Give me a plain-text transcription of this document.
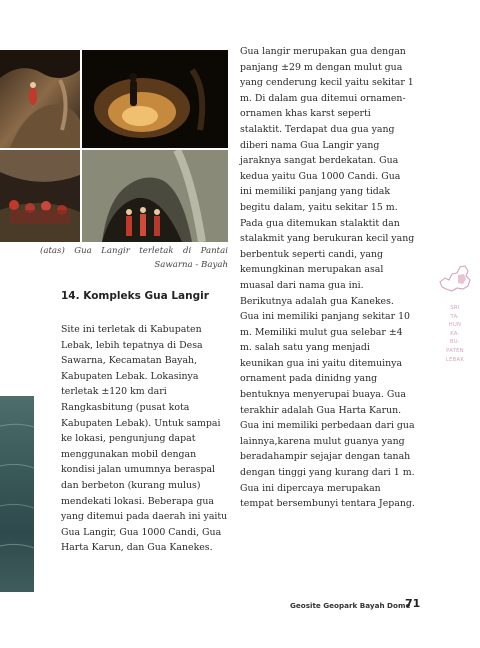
(atas) Gua Langir terletak di Pantai Sawarna - Bayah
14. Kompleks Gua Langir
Site ini terletak di Kabupaten Lebak, lebih tepatnya di Desa Sawarna, Kecamatan Bayah, Kabupaten Lebak. Lokasinya terletak ±120 km dari Rangkasbitung (pusat kota Kabupaten Lebak). Untuk sampai ke lokasi, pengunjung dapat menggunakan mobil dengan kondisi jalan umumnya beraspal dan berbeton (kurang mulus) mendekati lokasi. Beberapa gua yang ditemui pada daerah ini yaitu Gua Langir, Gua 1000 Candi, Gua Harta Karun, dan Gua Kanekes.
Gua langir merupakan gua dengan panjang ±29 m dengan mulut gua yang cenderung kecil yaitu sekitar 1 m. Di dalam gua ditemui ornamen-ornamen khas karst seperti stalaktit. Terdapat dua gua yang diberi nama Gua Langir yang jaraknya sangat berdekatan. Gua kedua yaitu Gua 1000 Candi. Gua ini memiliki panjang yang tidak begitu dalam, yaitu sekitar 15 m. Pada gua ditemukan stalaktit dan stalakmit yang berukuran kecil yang berbentuk seperti candi, yang kemungkinan merupakan asal muasal dari nama gua ini. Berikutnya adalah gua Kanekes. Gua ini memiliki panjang sekitar 10 m. Memiliki mulut gua selebar ±4 m. salah satu yang menjadi keunikan gua ini yaitu ditemuinya ornament pada dinidng yang bentuknya menyerupai buaya. Gua terakhir adalah Gua Harta Karun. Gua ini memiliki perbedaan dari gua lainnya,karena mulut guanya yang beradahampir sejajar dengan tanah dengan tinggi yang kurang dari 1 m. Gua ini dipercaya merupakan tempat bersembunyi tentara Jepang.
SRI
TA-
HUN
KA-
BU-
PATEN
LEBAK
Geosite Geopark Bayah Dome
71
